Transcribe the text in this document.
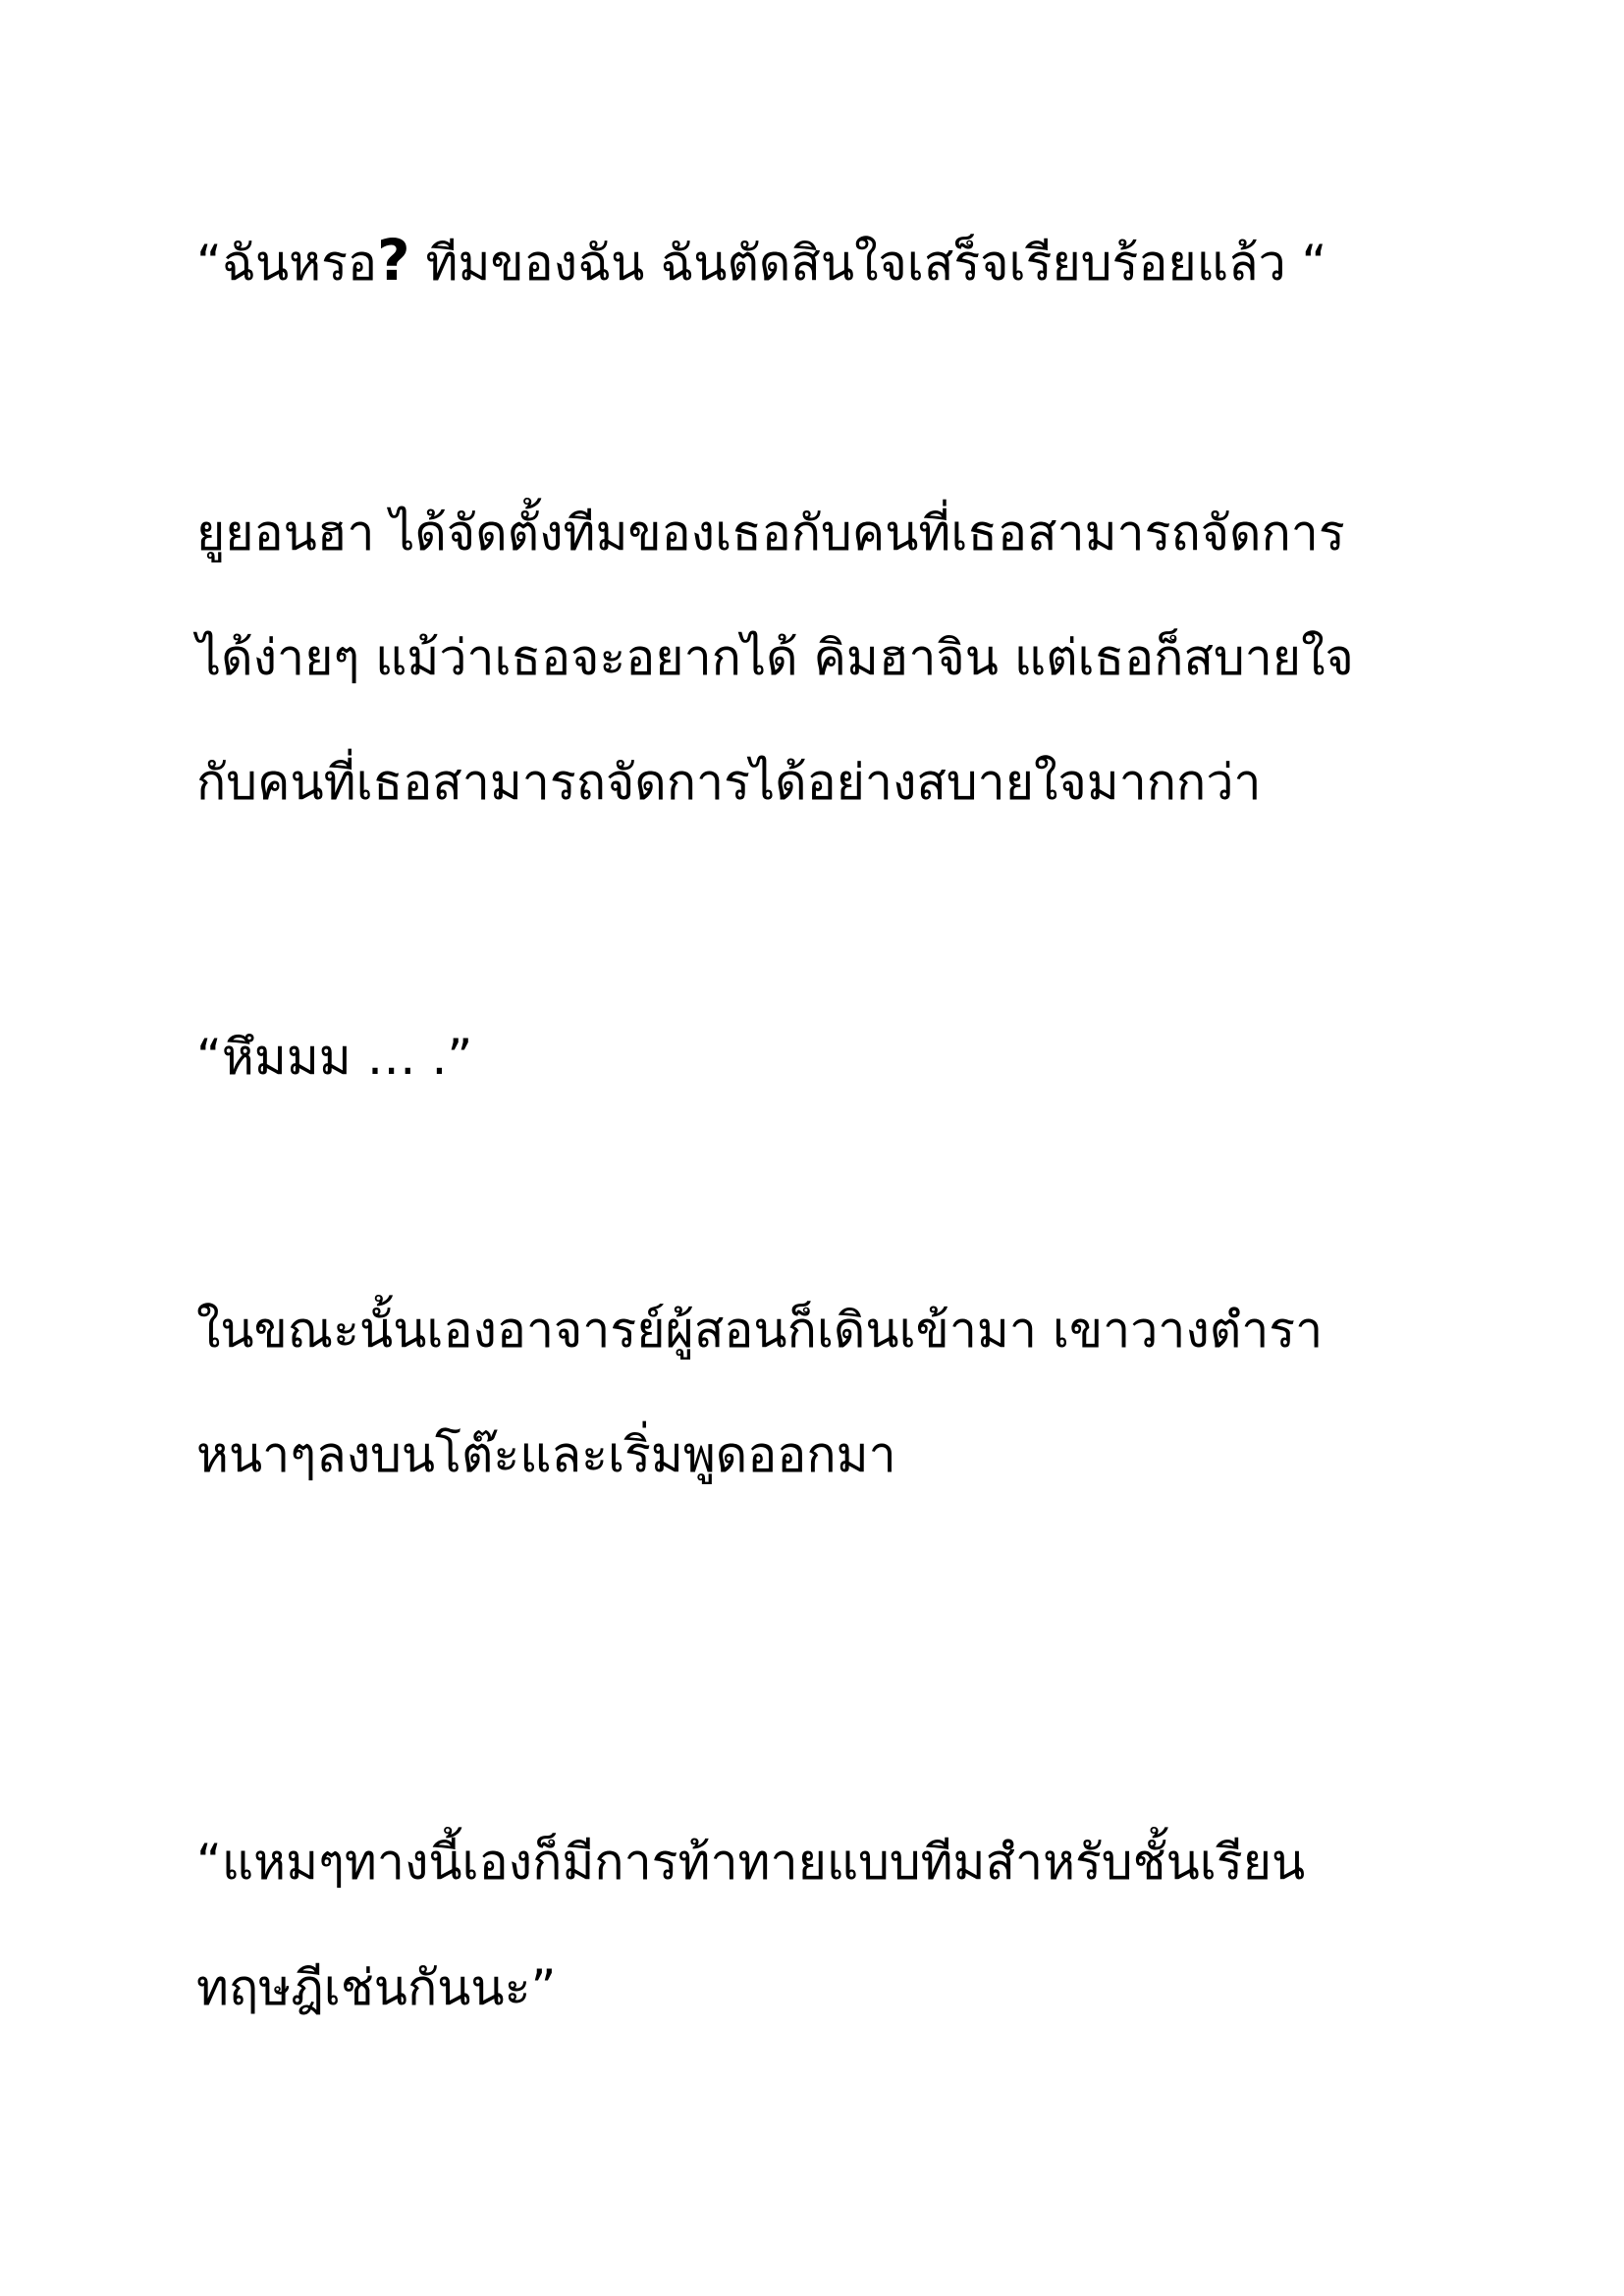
“ฉันหรอ? ทีมของฉัน ฉันตัดสินใจเสร็จเรียบร้อยแล้ว “

ยูยอนฮา ได้จัดตั้งทีมของเธอกับคนที่เธอสามารถจัดการ

ได้ง่ายๆ แม้ว่าเธอจะอยากได้ คิมฮาจิน แต่เธอก็สบายใจ

กับคนที่เธอสามารถจัดการได้อย่างสบายใจมากกว่า

“หึมมม … .”

ในขณะนั้นเองอาจารย์ผู้สอนก็เดินเข้ามา เขาวางตำรา

หนาๆลงบนโต๊ะและเริ่มพูดออกมา

“แหมๆทางนี้เองก็มีการท้าทายแบบทีมสำหรับชั้นเรียน

ทฤษฎีเช่นกันนะ”
